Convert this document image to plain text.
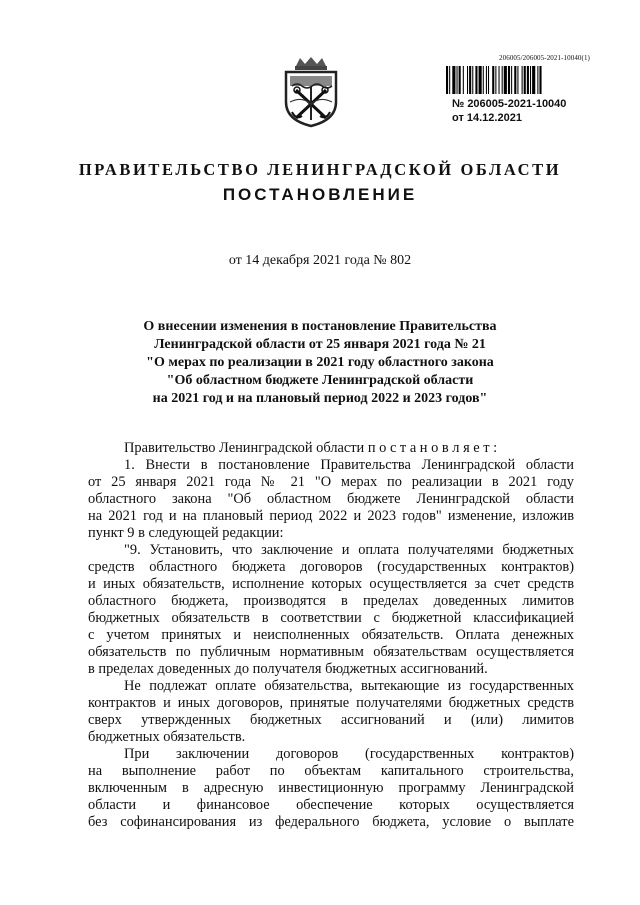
206005/206005-2021-10040(1)
№ 206005-2021-10040
от 14.12.2021
ПРАВИТЕЛЬСТВО ЛЕНИНГРАДСКОЙ ОБЛАСТИ
ПОСТАНОВЛЕНИЕ
от 14 декабря 2021 года № 802
О внесении изменения в постановление Правительства
Ленинградской области от 25 января 2021 года № 21
"О мерах по реализации в 2021 году областного закона
"Об областном бюджете Ленинградской области
на 2021 год и на плановый период 2022 и 2023 годов"
Правительство Ленинградской области п о с т а н о в л я е т :
1. Внести в постановление Правительства Ленинградской области
от 25 января 2021 года № 21 "О мерах по реализации в 2021 году
областного закона "Об областном бюджете Ленинградской области
на 2021 год и на плановый период 2022 и 2023 годов" изменение, изложив
пункт 9 в следующей редакции:
"9. Установить, что заключение и оплата получателями бюджетных
средств областного бюджета договоров (государственных контрактов)
и иных обязательств, исполнение которых осуществляется за счет средств
областного бюджета, производятся в пределах доведенных лимитов
бюджетных обязательств в соответствии с бюджетной классификацией
с учетом принятых и неисполненных обязательств. Оплата денежных
обязательств по публичным нормативным обязательствам осуществляется
в пределах доведенных до получателя бюджетных ассигнований.
Не подлежат оплате обязательства, вытекающие из государственных
контрактов и иных договоров, принятые получателями бюджетных средств
сверх утвержденных бюджетных ассигнований и (или) лимитов
бюджетных обязательств.
При заключении договоров (государственных контрактов)
на выполнение работ по объектам капитального строительства,
включенным в адресную инвестиционную программу Ленинградской
области и финансовое обеспечение которых осуществляется
без софинансирования из федерального бюджета, условие о выплате
